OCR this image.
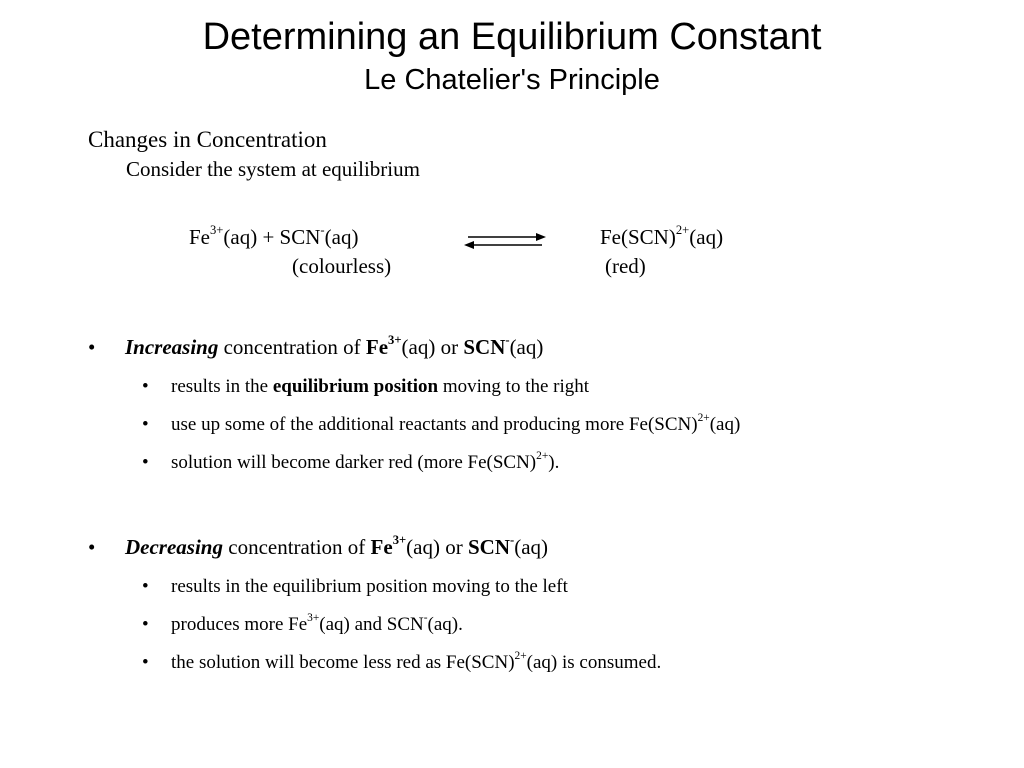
Determining an Equilibrium Constant
Le Chatelier's Principle
Changes in Concentration
Consider the system at equilibrium
$Fe^{3+}(aq) + SCN^-(aq)$	Fe(SCN)$^{2+}$(aq)
(colourless)	(red)
• Increasing concentration of $Fe^{3+}(aq)$ or SCN-(aq)
• results in the equilibrium position moving to the right
• use up some of the additional reactants and producing more Fe(SCN)$^{2+}$(aq)
• solution will become darker red (more Fe(SCN)$^{2+}$).
• Decreasing concentration of $Fe^{3+}(aq)$ or SCN-(aq)
• results in the equilibrium position moving to the left
• produces more $Fe^{3+}(aq)$ and SCN-(aq).
• the solution will become less red as Fe(SCN)$^{2+}$(aq) is consumed.
